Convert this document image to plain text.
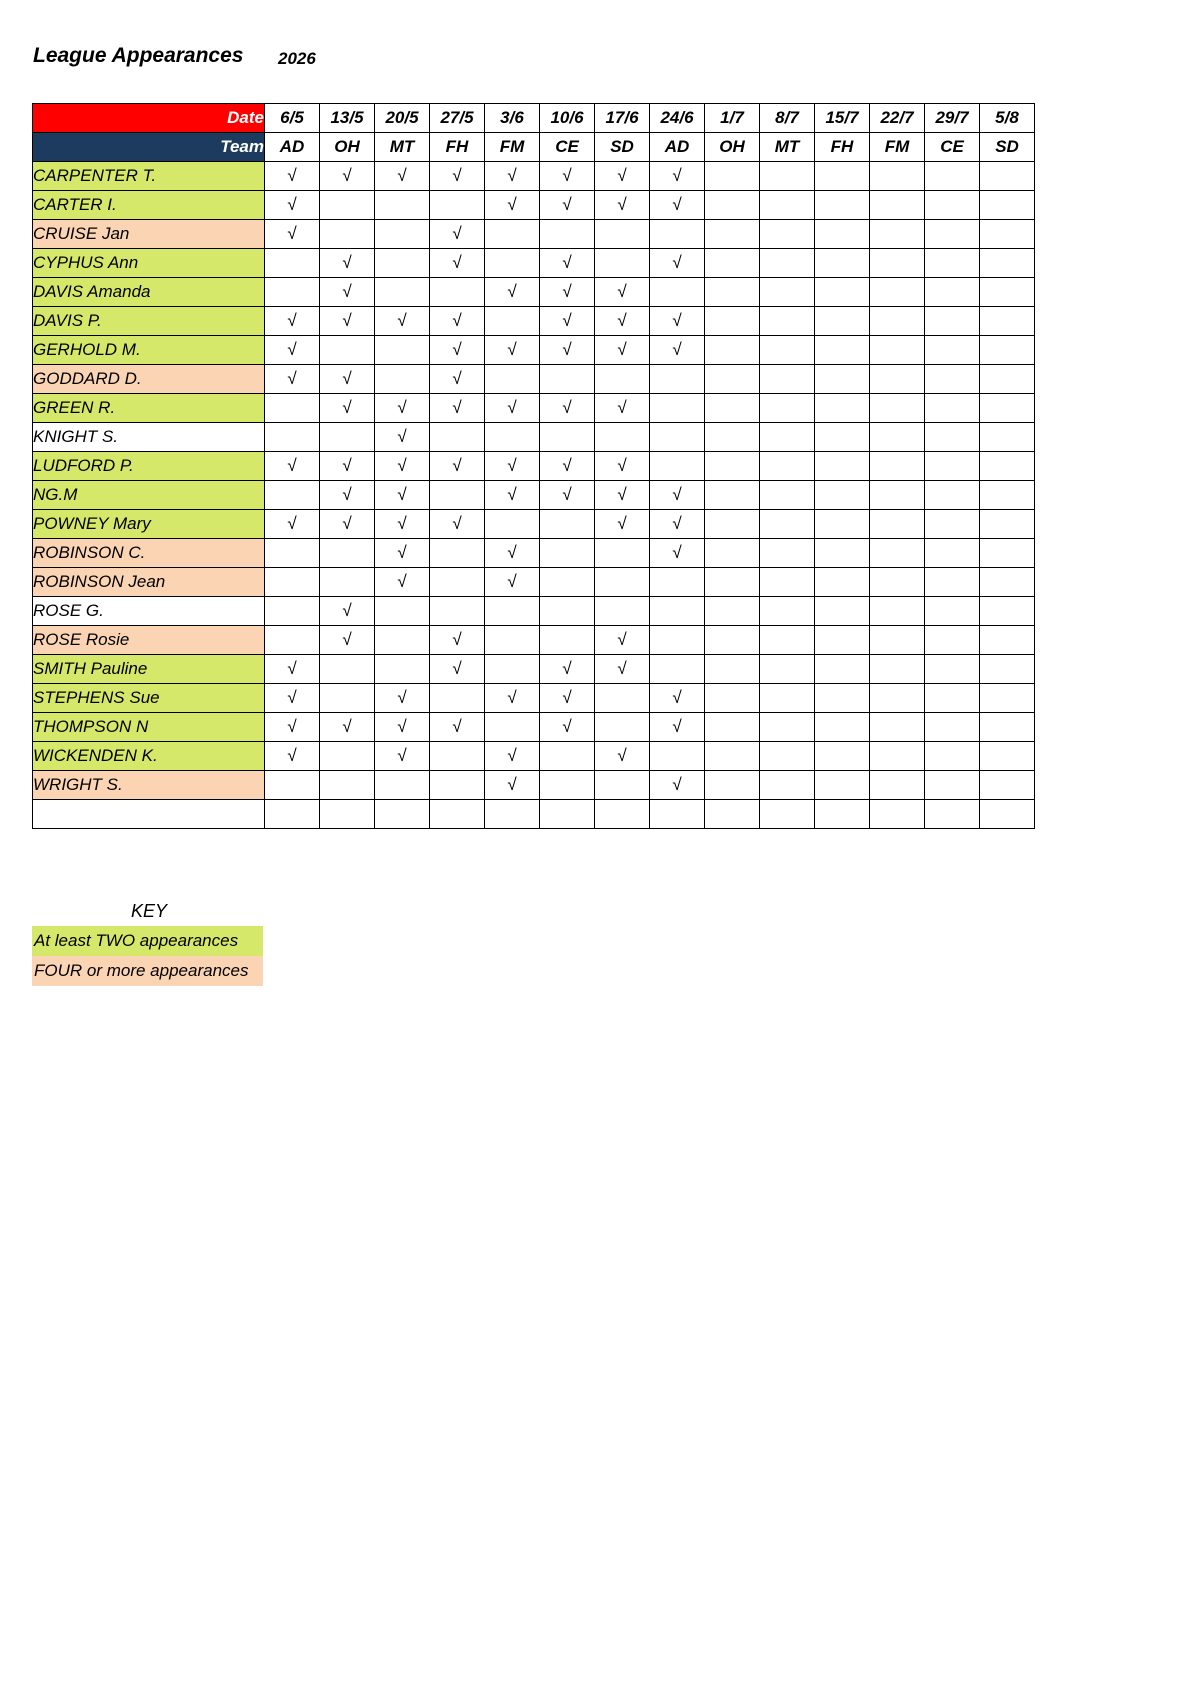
League Appearances 2026
Date	6/5	13/5	20/5	27/5	3/6	10/6	17/6	24/6	1/7	8/7	15/7	22/7	29/7	5/8
Team	AD	OH	MT	FH	FM	CE	SD	AD	OH	MT	FH	FM	CE	SD
CARPENTER T.	√	√	√	√	√	√	√	√						
CARTER I.	√				√	√	√	√						
CRUISE Jan	√			√										
CYPHUS Ann		√		√		√		√						
DAVIS Amanda		√			√	√	√							
DAVIS P.	√	√	√	√		√	√	√						
GERHOLD M.	√			√	√	√	√	√						
GODDARD D.	√	√		√										
GREEN R.		√	√	√	√	√	√							
KNIGHT S.			√											
LUDFORD P.	√	√	√	√	√	√	√							
NG.M		√	√		√	√	√	√						
POWNEY Mary	√	√	√	√			√	√						
ROBINSON C.			√		√			√						
ROBINSON Jean			√		√									
ROSE G.		√												
ROSE Rosie		√		√			√							
SMITH Pauline	√			√		√	√							
STEPHENS Sue	√		√		√	√		√						
THOMPSON N	√	√	√	√		√		√						
WICKENDEN K.	√		√		√		√							
WRIGHT S.					√			√						

KEY
At least TWO appearances
FOUR or more appearances
